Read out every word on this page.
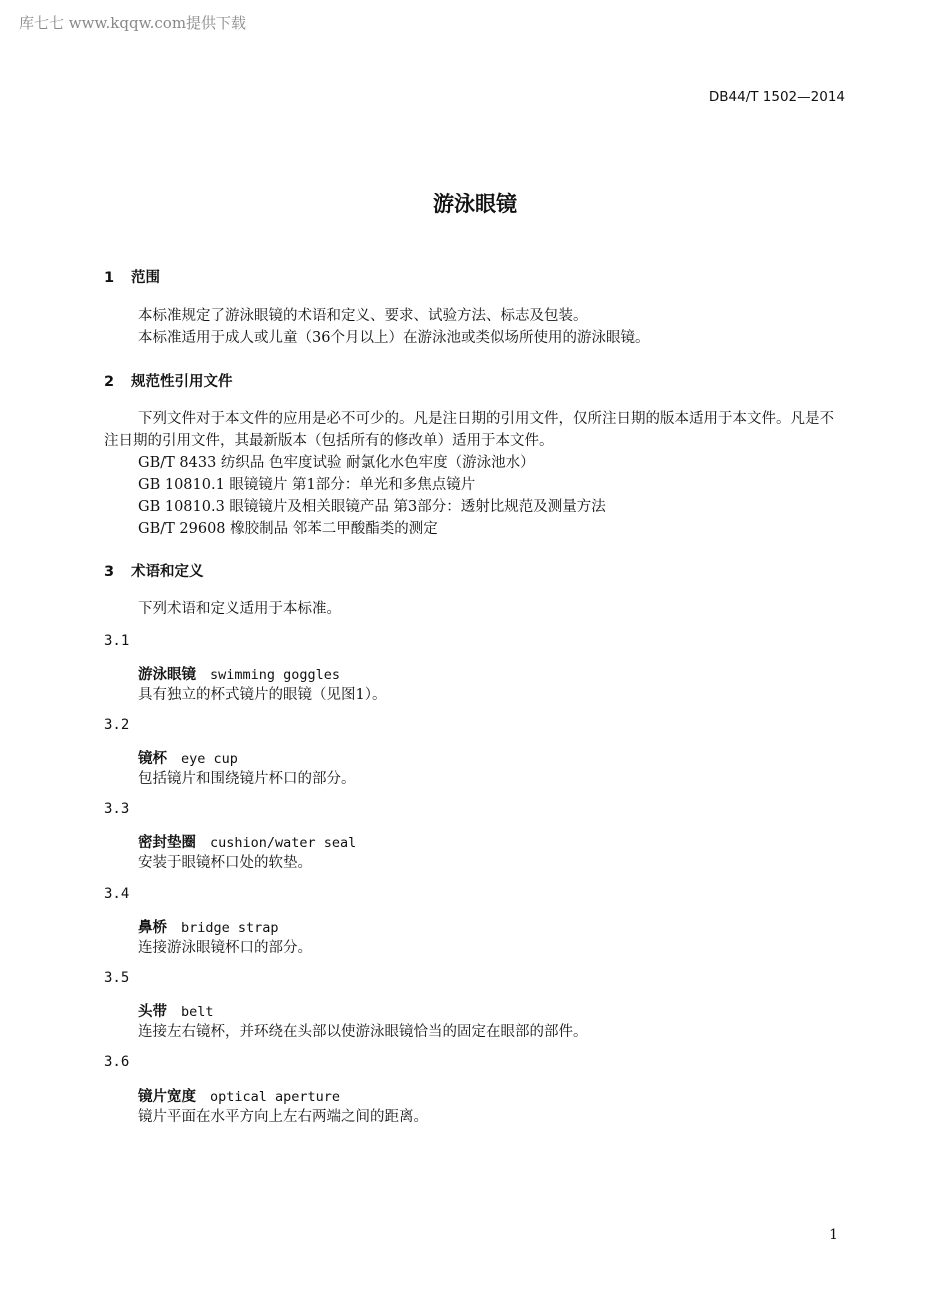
库七七 www.kqqw.com提供下载
DB44/T 1502—2014
游泳眼镜
1 范围
本标准规定了游泳眼镜的术语和定义、要求、试验方法、标志及包装。
本标准适用于成人或儿童（36个月以上）在游泳池或类似场所使用的游泳眼镜。
2 规范性引用文件
下列文件对于本文件的应用是必不可少的。凡是注日期的引用文件，仅所注日期的版本适用于本文件。凡是不注日期的引用文件，其最新版本（包括所有的修改单）适用于本文件。
GB/T 8433 纺织品 色牢度试验 耐氯化水色牢度（游泳池水）
GB 10810.1 眼镜镜片 第1部分：单光和多焦点镜片
GB 10810.3 眼镜镜片及相关眼镜产品 第3部分：透射比规范及测量方法
GB/T 29608 橡胶制品 邻苯二甲酸酯类的测定
3 术语和定义
下列术语和定义适用于本标准。
3.1
游泳眼镜 swimming goggles
具有独立的杯式镜片的眼镜（见图1）。
3.2
镜杯 eye cup
包括镜片和围绕镜片杯口的部分。
3.3
密封垫圈 cushion/water seal
安装于眼镜杯口处的软垫。
3.4
鼻桥 bridge strap
连接游泳眼镜杯口的部分。
3.5
头带 belt
连接左右镜杯，并环绕在头部以使游泳眼镜恰当的固定在眼部的部件。
3.6
镜片宽度 optical aperture
镜片平面在水平方向上左右两端之间的距离。
1
